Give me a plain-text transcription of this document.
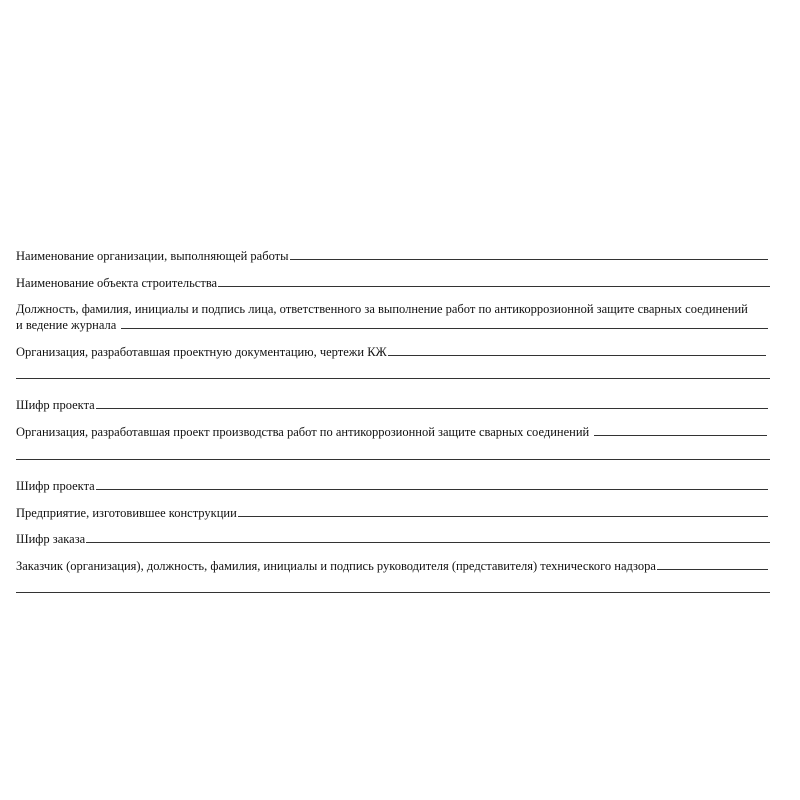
Наименование организации, выполняющей работы
Наименование объекта строительства
Должность, фамилия, инициалы и подпись лица, ответственного за выполнение работ по антикоррозионной защите сварных соединений
и ведение журнала
Организация, разработавшая проектную документацию, чертежи КЖ
Шифр проекта
Организация, разработавшая проект производства работ по антикоррозионной защите сварных соединений
Шифр проекта
Предприятие, изготовившее конструкции
Шифр заказа
Заказчик (организация), должность, фамилия, инициалы и подпись руководителя (представителя) технического надзора
